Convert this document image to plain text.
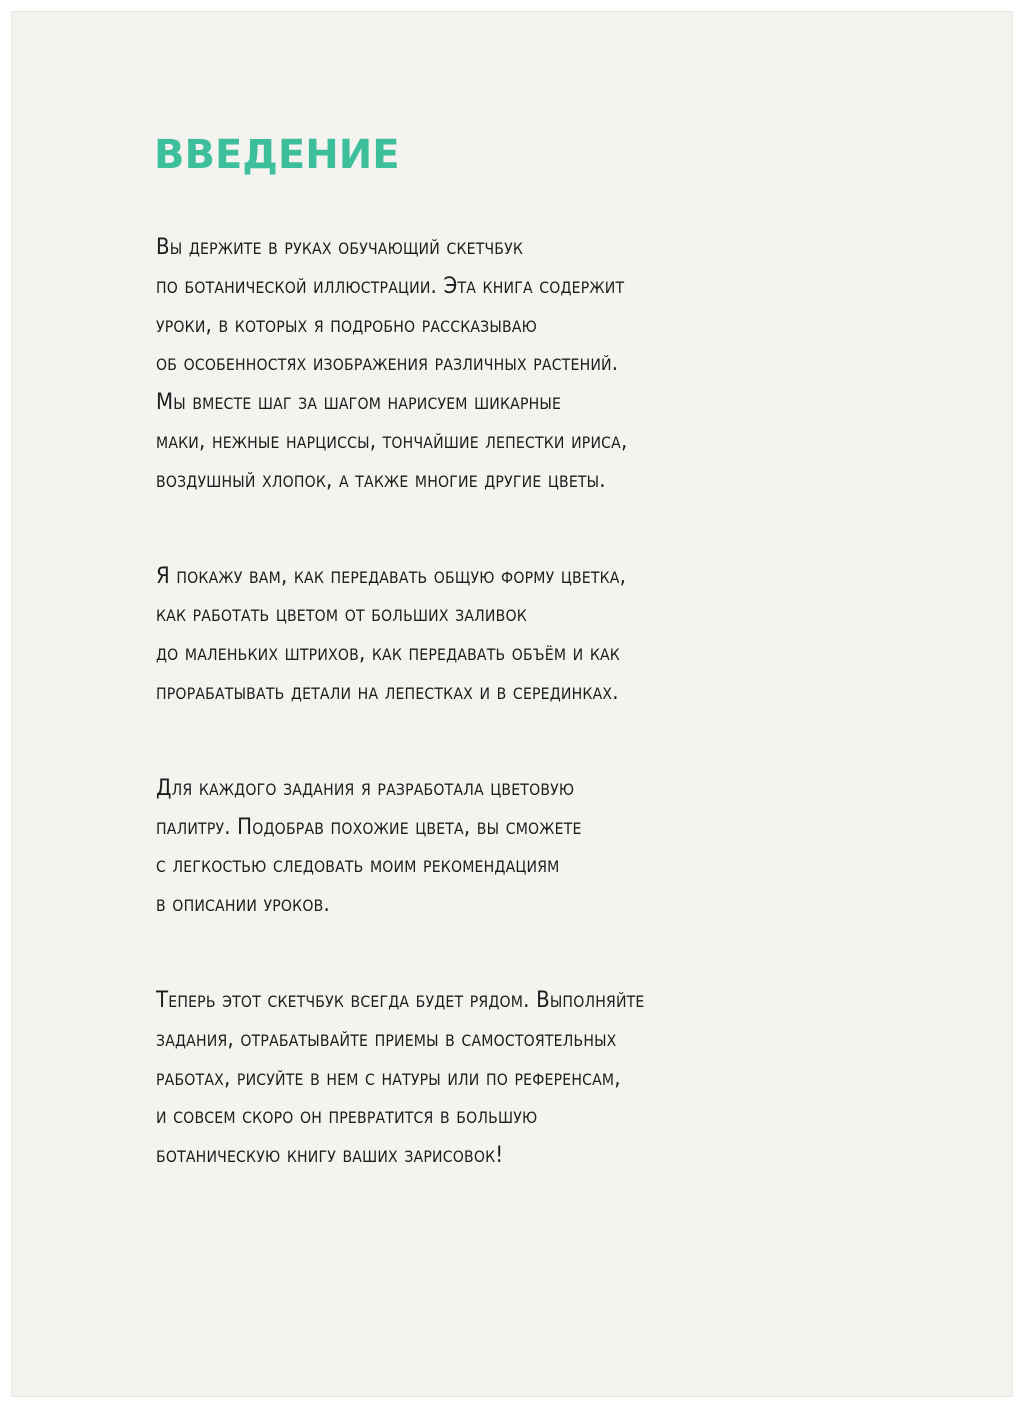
ВВЕДЕНИЕ

Вы держите в руках обучающий скетчбук
по ботанической иллюстрации. Эта книга содержит
уроки, в которых я подробно рассказываю
об особенностях изображения различных растений.
Мы вместе шаг за шагом нарисуем шикарные
маки, нежные нарциссы, тончайшие лепестки ириса,
воздушный хлопок, а также многие другие цветы.

Я покажу вам, как передавать общую форму цветка,
как работать цветом от больших заливок
до маленьких штрихов, как передавать объём и как
прорабатывать детали на лепестках и в серединках.

Для каждого задания я разработала цветовую
палитру. Подобрав похожие цвета, вы сможете
с легкостью следовать моим рекомендациям
в описании уроков.

Теперь этот скетчбук всегда будет рядом. Выполняйте
задания, отрабатывайте приемы в самостоятельных
работах, рисуйте в нем с натуры или по референсам,
и совсем скоро он превратится в большую
ботаническую книгу ваших зарисовок!
